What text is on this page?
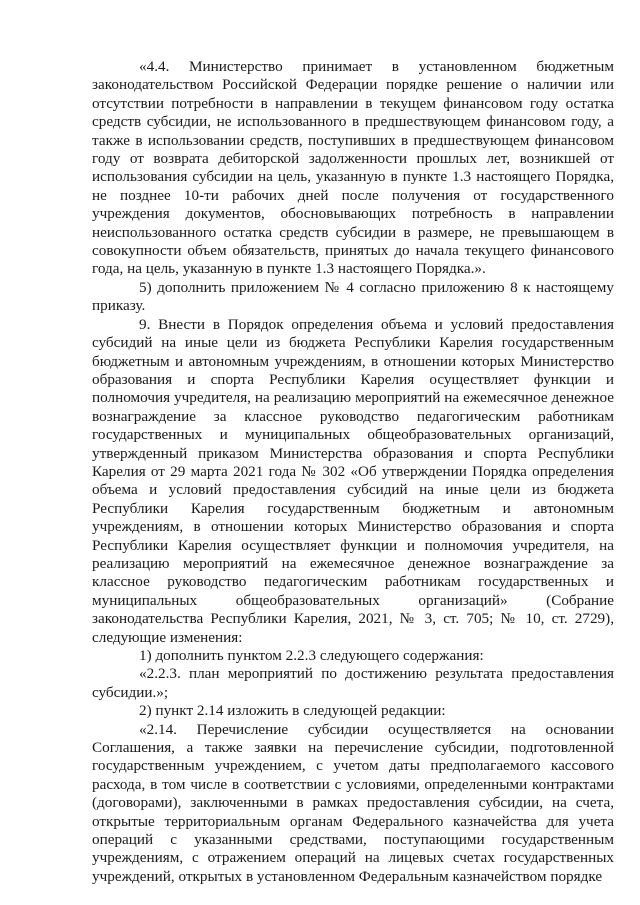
«4.4. Министерство принимает в установленном бюджетным законодательством Российской Федерации порядке решение о наличии или отсутствии потребности в направлении в текущем финансовом году остатка средств субсидии, не использованного в предшествующем финансовом году, а также в использовании средств, поступивших в предшествующем финансовом году от возврата дебиторской задолженности прошлых лет, возникшей от использования субсидии на цель, указанную в пункте 1.3 настоящего Порядка, не позднее 10-ти рабочих дней после получения от государственного учреждения документов, обосновывающих потребность в направлении неиспользованного остатка средств субсидии в размере, не превышающем в совокупности объем обязательств, принятых до начала текущего финансового года, на цель, указанную в пункте 1.3 настоящего Порядка.».

5) дополнить приложением № 4 согласно приложению 8 к настоящему приказу.

9. Внести в Порядок определения объема и условий предоставления субсидий на иные цели из бюджета Республики Карелия государственным бюджетным и автономным учреждениям, в отношении которых Министерство образования и спорта Республики Карелия осуществляет функции и полномочия учредителя, на реализацию мероприятий на ежемесячное денежное вознаграждение за классное руководство педагогическим работникам государственных и муниципальных общеобразовательных организаций, утвержденный приказом Министерства образования и спорта Республики Карелия от 29 марта 2021 года № 302 «Об утверждении Порядка определения объема и условий предоставления субсидий на иные цели из бюджета Республики Карелия государственным бюджетным и автономным учреждениям, в отношении которых Министерство образования и спорта Республики Карелия осуществляет функции и полномочия учредителя, на реализацию мероприятий на ежемесячное денежное вознаграждение за классное руководство педагогическим работникам государственных и муниципальных общеобразовательных организаций» (Собрание законодательства Республики Карелия, 2021, № 3, ст. 705; № 10, ст. 2729), следующие изменения:

1) дополнить пунктом 2.2.3 следующего содержания:

«2.2.3. план мероприятий по достижению результата предоставления субсидии.»;

2) пункт 2.14 изложить в следующей редакции:

«2.14. Перечисление субсидии осуществляется на основании Соглашения, а также заявки на перечисление субсидии, подготовленной государственным учреждением, с учетом даты предполагаемого кассового расхода, в том числе в соответствии с условиями, определенными контрактами (договорами), заключенными в рамках предоставления субсидии, на счета, открытые территориальным органам Федерального казначейства для учета операций с указанными средствами, поступающими государственным учреждениям, с отражением операций на лицевых счетах государственных учреждений, открытых в установленном Федеральным казначейством порядке
